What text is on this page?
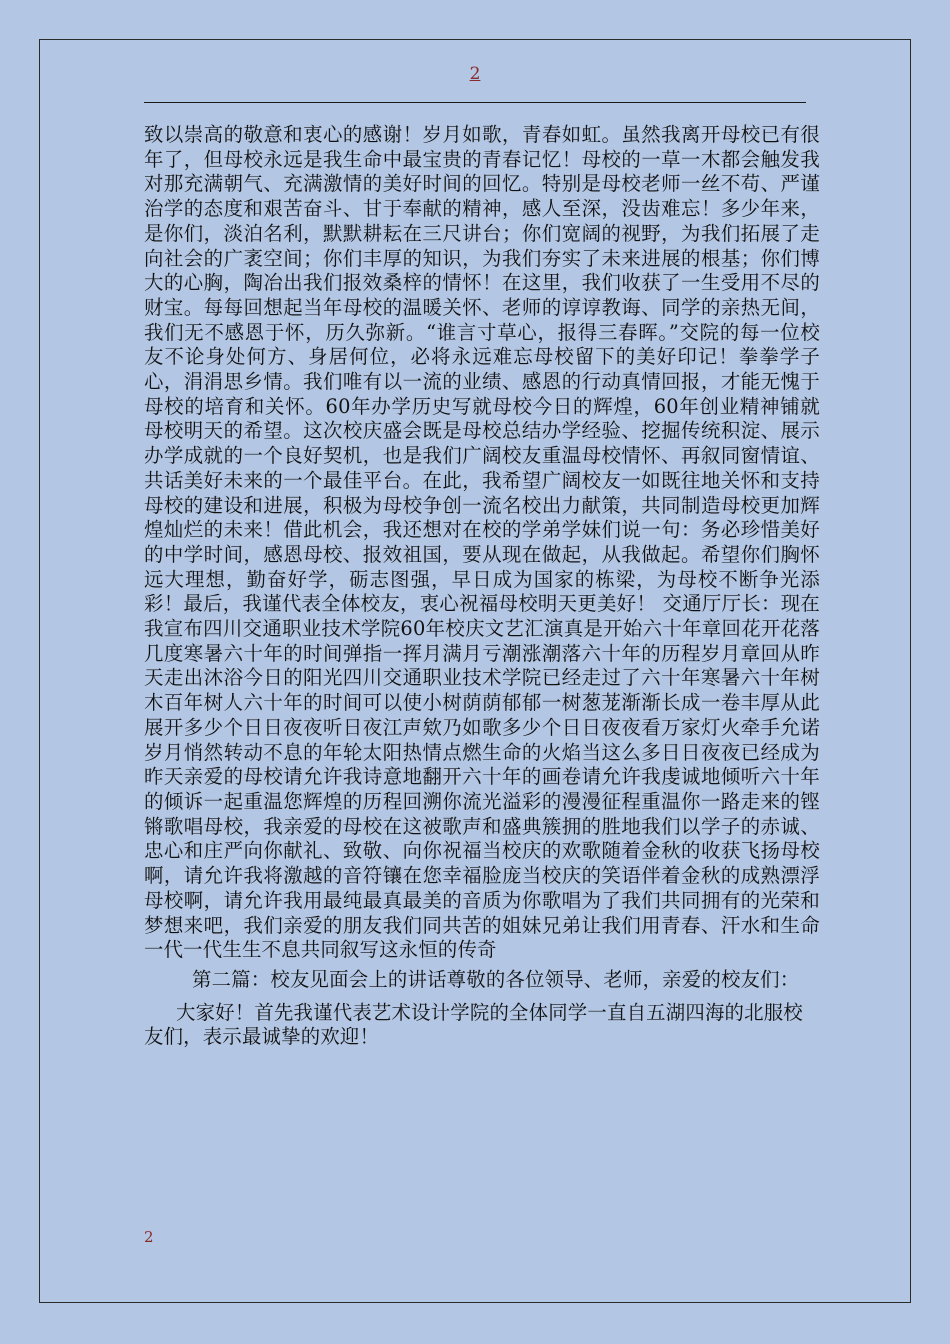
2

致以崇高的敬意和衷心的感谢！岁月如歌，青春如虹。虽然我离开母校已有很年了，但母校永远是我生命中最宝贵的青春记忆！母校的一草一木都会触发我对那充满朝气、充满激情的美好时间的回忆。特别是母校老师一丝不苟、严谨治学的态度和艰苦奋斗、甘于奉献的精神，感人至深，没齿难忘！多少年来，是你们，淡泊名利，默默耕耘在三尺讲台；你们宽阔的视野，为我们拓展了走向社会的广袤空间；你们丰厚的知识，为我们夯实了未来进展的根基；你们博大的心胸，陶冶出我们报效桑梓的情怀！在这里，我们收获了一生受用不尽的财宝。每每回想起当年母校的温暖关怀、老师的谆谆教诲、同学的亲热无间，我们无不感恩于怀，历久弥新。“谁言寸草心，报得三春晖。”交院的每一位校友不论身处何方、身居何位，必将永远难忘母校留下的美好印记！拳拳学子心，涓涓思乡情。我们唯有以一流的业绩、感恩的行动真情回报，才能无愧于母校的培育和关怀。60年办学历史写就母校今日的辉煌，60年创业精神铺就母校明天的希望。这次校庆盛会既是母校总结办学经验、挖掘传统积淀、展示办学成就的一个良好契机，也是我们广阔校友重温母校情怀、再叙同窗情谊、共话美好未来的一个最佳平台。在此，我希望广阔校友一如既往地关怀和支持母校的建设和进展，积极为母校争创一流名校出力献策，共同制造母校更加辉煌灿烂的未来！借此机会，我还想对在校的学弟学妹们说一句：务必珍惜美好的中学时间，感恩母校、报效祖国，要从现在做起，从我做起。希望你们胸怀远大理想，勤奋好学，砺志图强，早日成为国家的栋梁，为母校不断争光添彩！最后，我谨代表全体校友，衷心祝福母校明天更美好！ 交通厅厅长：现在我宣布四川交通职业技术学院60年校庆文艺汇演真是开始六十年章回花开花落几度寒暑六十年的时间弹指一挥月满月亏潮涨潮落六十年的历程岁月章回从昨天走出沐浴今日的阳光四川交通职业技术学院已经走过了六十年寒暑六十年树木百年树人六十年的时间可以使小树荫荫郁郁一树葱茏渐渐长成一卷丰厚从此展开多少个日日夜夜听日夜江声欸乃如歌多少个日日夜夜看万家灯火牵手允诺岁月悄然转动不息的年轮太阳热情点燃生命的火焰当这么多日日夜夜已经成为昨天亲爱的母校请允许我诗意地翻开六十年的画卷请允许我虔诚地倾听六十年的倾诉一起重温您辉煌的历程回溯你流光溢彩的漫漫征程重温你一路走来的铿锵歌唱母校，我亲爱的母校在这被歌声和盛典簇拥的胜地我们以学子的赤诚、忠心和庄严向你献礼、致敬、向你祝福当校庆的欢歌随着金秋的收获飞扬母校啊，请允许我将激越的音符镶在您幸福脸庞当校庆的笑语伴着金秋的成熟漂浮母校啊，请允许我用最纯最真最美的音质为你歌唱为了我们共同拥有的光荣和梦想来吧，我们亲爱的朋友我们同共苦的姐妹兄弟让我们用青春、汗水和生命一代一代生生不息共同叙写这永恒的传奇

第二篇：校友见面会上的讲话尊敬的各位领导、老师，亲爱的校友们：

大家好！首先我谨代表艺术设计学院的全体同学一直自五湖四海的北服校友们，表示最诚挚的欢迎！

2
